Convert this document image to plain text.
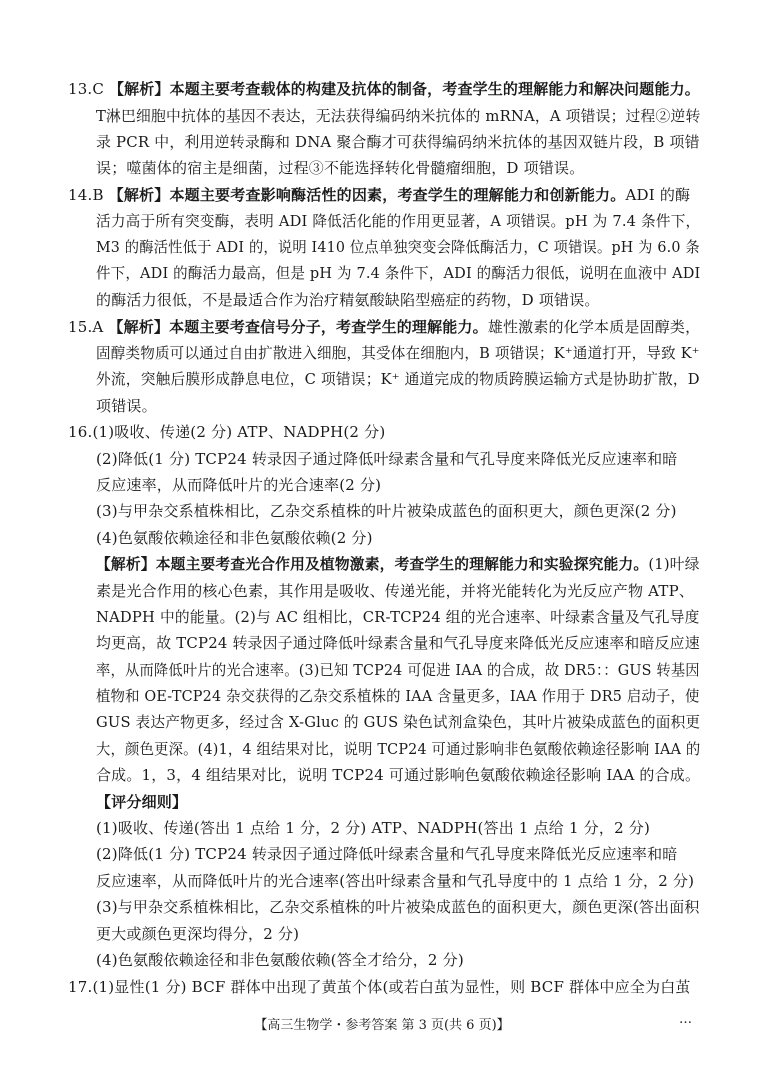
13.C 【解析】本题主要考查载体的构建及抗体的制备，考查学生的理解能力和解决问题能力。
T淋巴细胞中抗体的基因不表达，无法获得编码纳米抗体的 mRNA，A 项错误；过程②逆转
录 PCR 中，利用逆转录酶和 DNA 聚合酶才可获得编码纳米抗体的基因双链片段，B 项错
误；噬菌体的宿主是细菌，过程③不能选择转化骨髓瘤细胞，D 项错误。
14.B 【解析】本题主要考查影响酶活性的因素，考查学生的理解能力和创新能力。ADI 的酶
活力高于所有突变酶，表明 ADI 降低活化能的作用更显著，A 项错误。pH 为 7.4 条件下，
M3 的酶活性低于 ADI 的，说明 I410 位点单独突变会降低酶活力，C 项错误。pH 为 6.0 条
件下，ADI 的酶活力最高，但是 pH 为 7.4 条件下，ADI 的酶活力很低，说明在血液中 ADI
的酶活力很低，不是最适合作为治疗精氨酸缺陷型癌症的药物，D 项错误。
15.A 【解析】本题主要考查信号分子，考查学生的理解能力。雄性激素的化学本质是固醇类，
固醇类物质可以通过自由扩散进入细胞，其受体在细胞内，B 项错误；K⁺通道打开，导致 K⁺
外流，突触后膜形成静息电位，C 项错误；K⁺ 通道完成的物质跨膜运输方式是协助扩散，D
项错误。
16.(1)吸收、传递(2 分) ATP、NADPH(2 分)
(2)降低(1 分) TCP24 转录因子通过降低叶绿素含量和气孔导度来降低光反应速率和暗
反应速率，从而降低叶片的光合速率(2 分)
(3)与甲杂交系植株相比，乙杂交系植株的叶片被染成蓝色的面积更大，颜色更深(2 分)
(4)色氨酸依赖途径和非色氨酸依赖(2 分)
【解析】本题主要考查光合作用及植物激素，考查学生的理解能力和实验探究能力。(1)叶绿
素是光合作用的核心色素，其作用是吸收、传递光能，并将光能转化为光反应产物 ATP、
NADPH 中的能量。(2)与 AC 组相比，CR-TCP24 组的光合速率、叶绿素含量及气孔导度
均更高，故 TCP24 转录因子通过降低叶绿素含量和气孔导度来降低光反应速率和暗反应速
率，从而降低叶片的光合速率。(3)已知 TCP24 可促进 IAA 的合成，故 DR5：：GUS 转基因
植物和 OE-TCP24 杂交获得的乙杂交系植株的 IAA 含量更多，IAA 作用于 DR5 启动子，使
GUS 表达产物更多，经过含 X-Gluc 的 GUS 染色试剂盒染色，其叶片被染成蓝色的面积更
大，颜色更深。(4)1，4 组结果对比，说明 TCP24 可通过影响非色氨酸依赖途径影响 IAA 的
合成。1，3，4 组结果对比，说明 TCP24 可通过影响色氨酸依赖途径影响 IAA 的合成。
【评分细则】
(1)吸收、传递(答出 1 点给 1 分，2 分) ATP、NADPH(答出 1 点给 1 分，2 分)
(2)降低(1 分) TCP24 转录因子通过降低叶绿素含量和气孔导度来降低光反应速率和暗
反应速率，从而降低叶片的光合速率(答出叶绿素含量和气孔导度中的 1 点给 1 分，2 分)
(3)与甲杂交系植株相比，乙杂交系植株的叶片被染成蓝色的面积更大，颜色更深(答出面积
更大或颜色更深均得分，2 分)
(4)色氨酸依赖途径和非色氨酸依赖(答全才给分，2 分)
17.(1)显性(1 分) BCF 群体中出现了黄茧个体(或若白茧为显性，则 BCF 群体中应全为白茧
【高三生物学・参考答案 第 3 页(共 6 页)】	…
